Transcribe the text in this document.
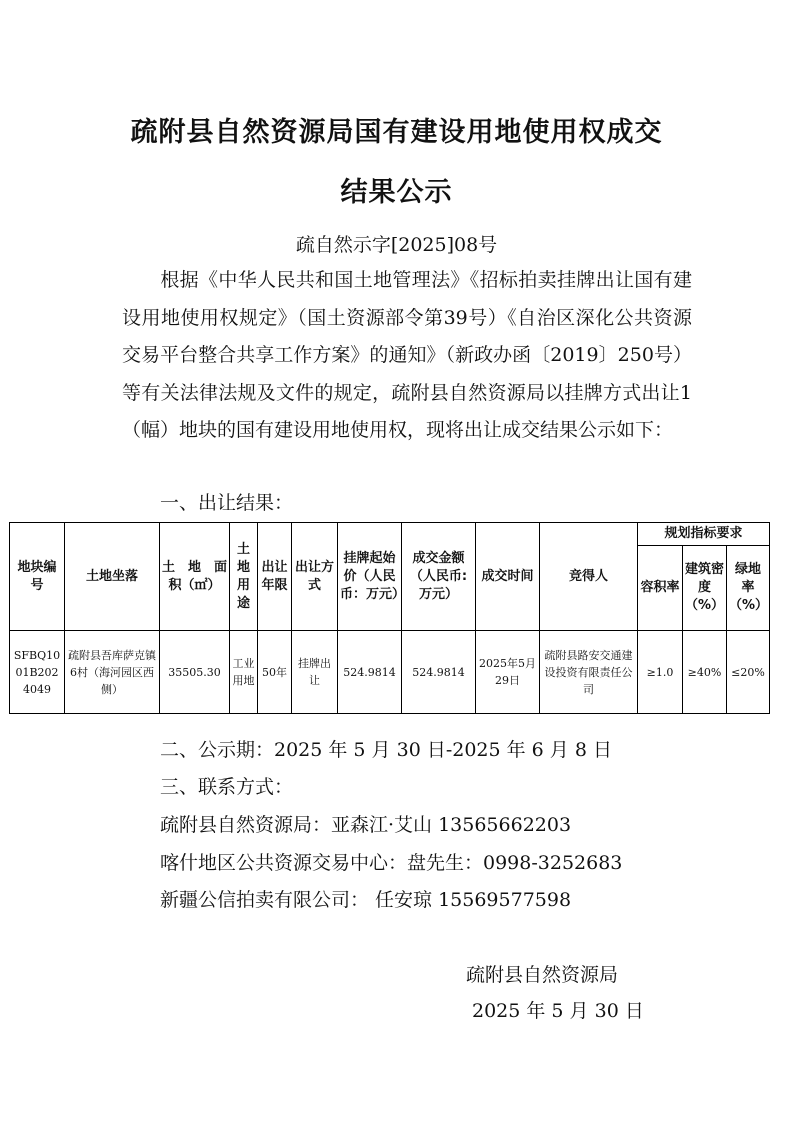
疏附县自然资源局国有建设用地使用权成交
结果公示
疏自然示字[2025]08号
根据《中华人民共和国土地管理法》《招标拍卖挂牌出让国有建设用地使用权规定》（国土资源部令第39号）《自治区深化公共资源交易平台整合共享工作方案》的通知》（新政办函〔2019〕250号）等有关法律法规及文件的规定，疏附县自然资源局以挂牌方式出让1（幅）地块的国有建设用地使用权，现将出让成交结果公示如下：
一、出让结果：
地块编号	土地坐落	土　地　面　积（㎡）	土地用途	出让年限	出让方式	挂牌起始价（人民币：万元）	成交金额（人民币:万元）	成交时间	竞得人	规划指标要求		
										容积率	建筑密度（%）	绿地率（%）
SFBQ1001B2024049	疏附县吾库萨克镇6村（海河园区西侧）	35505.30	工业用地	50年	挂牌出让	524.9814	524.9814	2025年5月29日	疏附县路安交通建设投资有限责任公司	≥1.0	≥40%	≤20%
二、公示期：2025 年 5 月 30 日-2025 年 6 月 8 日
三、联系方式：
疏附县自然资源局：亚森江·艾山 13565662203
喀什地区公共资源交易中心：盘先生：0998-3252683
新疆公信拍卖有限公司： 任安琼 15569577598
疏附县自然资源局
2025 年 5 月 30 日
